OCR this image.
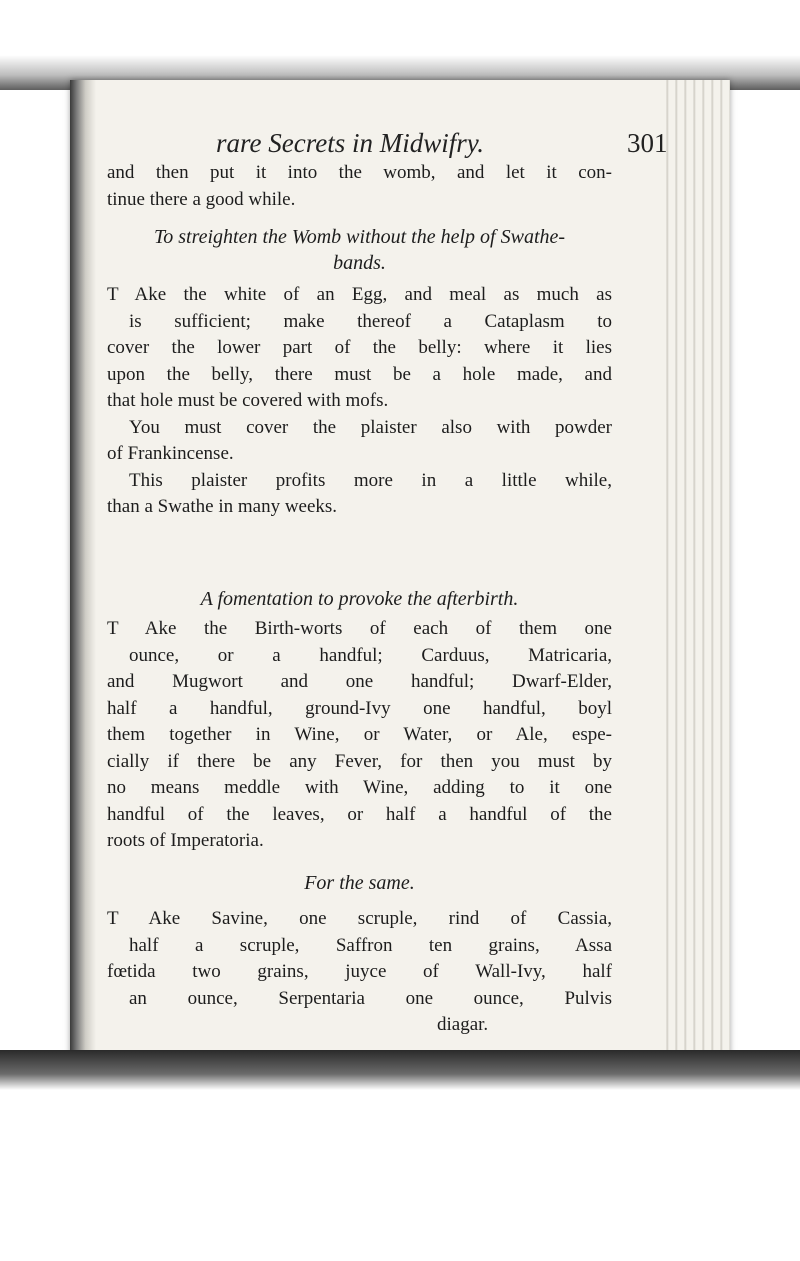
rare Secrets in Midwifry.	301
and then put it into the womb, and let it con-
tinue there a good while.
To streighten the Womb without the help of Swathe-
bands.
T Ake the white of an Egg, and meal as much as
is sufficient; make thereof a Cataplasm to
cover the lower part of the belly: where it lies
upon the belly, there must be a hole made, and
that hole must be covered with mofs.
You must cover the plaister also with powder
of Frankincense.
This plaister profits more in a little while,
than a Swathe in many weeks.
A fomentation to provoke the afterbirth.
T Ake the Birth-worts of each of them one
ounce, or a handful; Carduus, Matricaria,
and Mugwort and one handful; Dwarf-Elder,
half a handful, ground-Ivy one handful, boyl
them together in Wine, or Water, or Ale, espe-
cially if there be any Fever, for then you must by
no means meddle with Wine, adding to it one
handful of the leaves, or half a handful of the
roots of Imperatoria.
For the same.
T Ake Savine, one scruple, rind of Cassia,
half a scruple, Saffron ten grains, Assa
fœtida two grains, juyce of Wall-Ivy, half
an ounce, Serpentaria one ounce, Pulvis
diagar.
